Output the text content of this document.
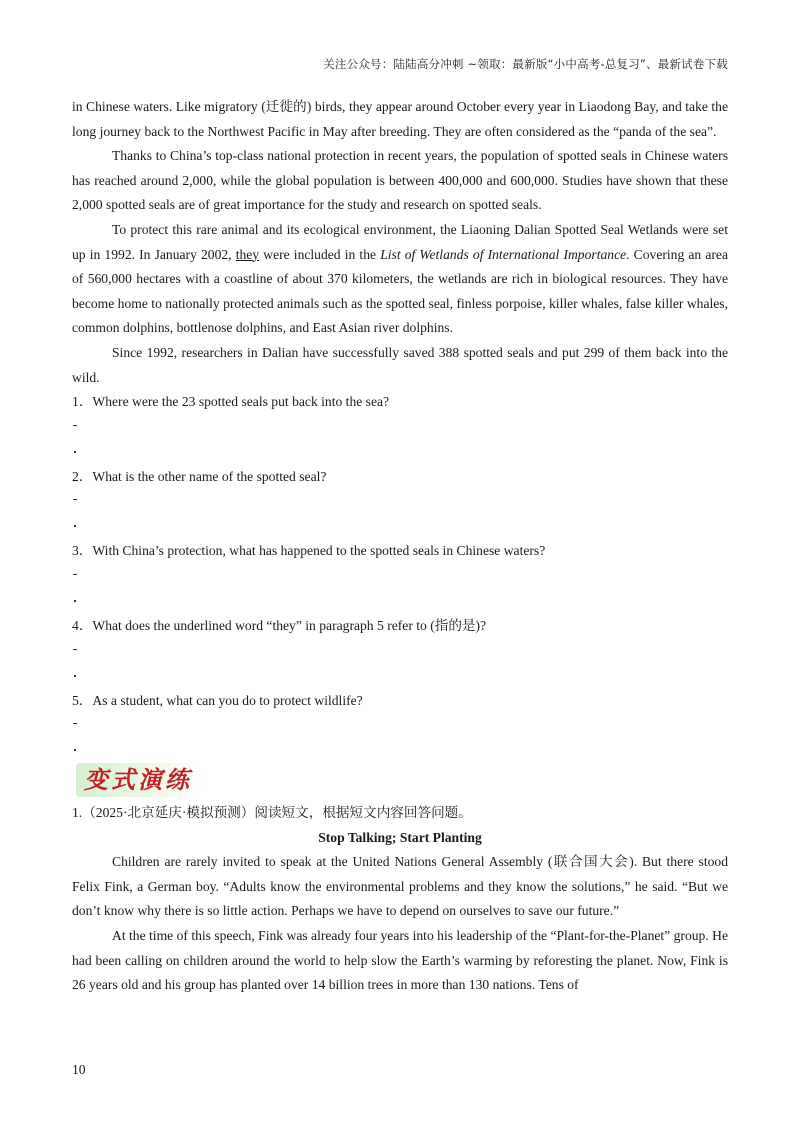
关注公众号：陆陆高分冲刺 ~领取：最新版“小中高考-总复习”、最新试卷下载

in Chinese waters. Like migratory (迁徙的) birds, they appear around October every year in Liaodong Bay, and take the long journey back to the Northwest Pacific in May after breeding. They are often considered as the “panda of the sea”.

Thanks to China’s top-class national protection in recent years, the population of spotted seals in Chinese waters has reached around 2,000, while the global population is between 400,000 and 600,000. Studies have shown that these 2,000 spotted seals are of great importance for the study and research on spotted seals.

To protect this rare animal and its ecological environment, the Liaoning Dalian Spotted Seal Wetlands were set up in 1992. In January 2002, they were included in the List of Wetlands of International Importance. Covering an area of 560,000 hectares with a coastline of about 370 kilometers, the wetlands are rich in biological resources. They have become home to nationally protected animals such as the spotted seal, finless porpoise, killer whales, false killer whales, common dolphins, bottlenose dolphins, and East Asian river dolphins.

Since 1992, researchers in Dalian have successfully saved 388 spotted seals and put 299 of them back into the wild.

1．Where were the 23 spotted seals put back into the sea?

2．What is the other name of the spotted seal?

3．With China’s protection, what has happened to the spotted seals in Chinese waters?

4．What does the underlined word “they” in paragraph 5 refer to (指的是)?

5．As a student, what can you do to protect wildlife?

变式演练

1.（2025·北京延庆·模拟预测）阅读短文，根据短文内容回答问题。

Stop Talking; Start Planting

Children are rarely invited to speak at the United Nations General Assembly (联合国大会). But there stood Felix Fink, a German boy. “Adults know the environmental problems and they know the solutions,” he said. “But we don’t know why there is so little action. Perhaps we have to depend on ourselves to save our future.”

At the time of this speech, Fink was already four years into his leadership of the “Plant-for-the-Planet” group. He had been calling on children around the world to help slow the Earth’s warming by reforesting the planet. Now, Fink is 26 years old and his group has planted over 14 billion trees in more than 130 nations. Tens of

10
